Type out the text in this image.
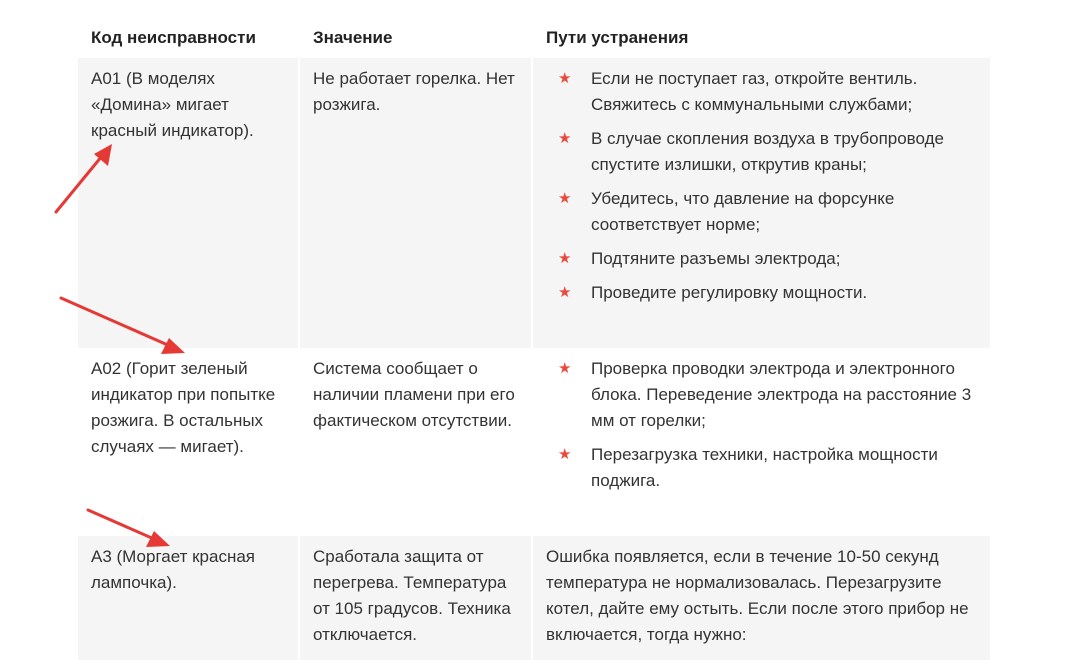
Код неисправности	Значение	Пути устранения
A01 (В моделях «Домина» мигает красный индикатор).
Не работает горелка. Нет розжига.
★ Если не поступает газ, откройте вентиль. Свяжитесь с коммунальными службами;
★ В случае скопления воздуха в трубопроводе спустите излишки, открутив краны;
★ Убедитесь, что давление на форсунке соответствует норме;
★ Подтяните разъемы электрода;
★ Проведите регулировку мощности.
A02 (Горит зеленый индикатор при попытке розжига. В остальных случаях — мигает).
Система сообщает о наличии пламени при его фактическом отсутствии.
★ Проверка проводки электрода и электронного блока. Переведение электрода на расстояние 3 мм от горелки;
★ Перезагрузка техники, настройка мощности поджига.
A3 (Моргает красная лампочка).
Сработала защита от перегрева. Температура от 105 градусов. Техника отключается.
Ошибка появляется, если в течение 10-50 секунд температура не нормализовалась. Перезагрузите котел, дайте ему остыть. Если после этого прибор не включается, тогда нужно:
